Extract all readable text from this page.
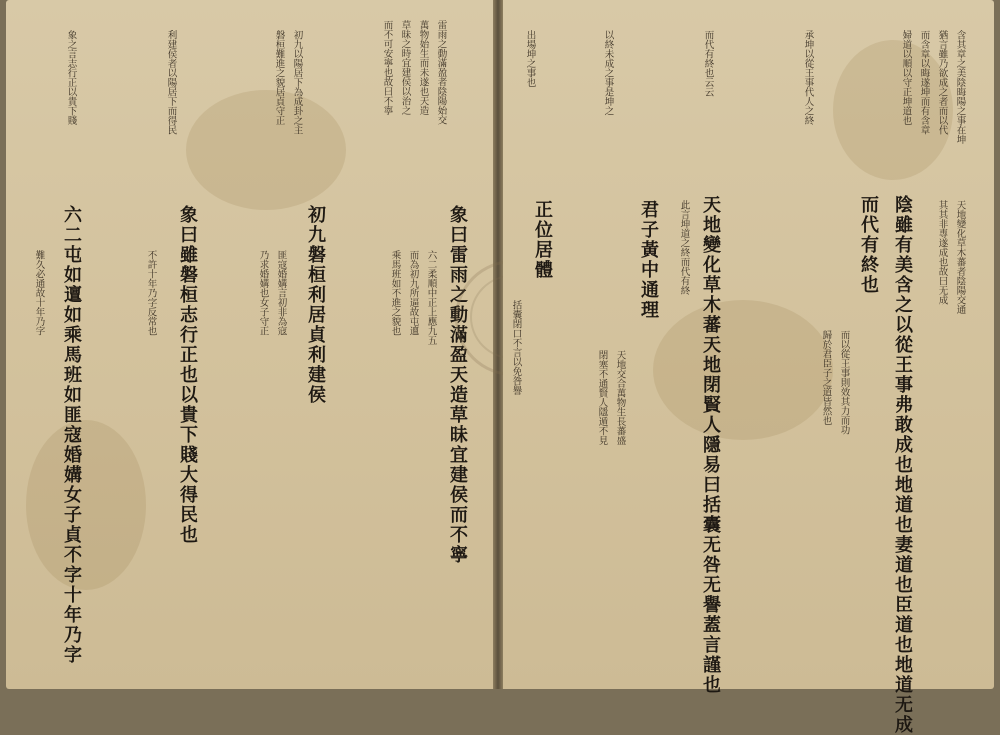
雷雨之動滿盈者陰陽始交
萬物始生而未遂也天造
草昧之時宜建侯以治之
而不可安寧也故曰不寧
初九以陽居下為成卦之主
磐桓難進之貌居貞守正
利建侯者以陽居下而得民
象之言志行正以貴下賤
象曰雷雨之動滿盈天造草昧宜建侯而不寧
初九磐桓利居貞利建侯
象曰雖磐桓志行正也以貴下賤大得民也
六二屯如邅如乘馬班如匪寇婚媾女子貞不字十年乃字	六二柔順中正上應九五
而為初九所逼故屯邅
乘馬班如不進之貌也
匪寇婚媾言初非為寇
乃求婚媾也女子守正
不許十年乃字反常也
難久必通故十年乃字
含其章之美陰晦陽之事在坤
猶言雖乃欲成之者而以代
而含章以晦遂坤而有含章
婦道以順以守正坤道也
承坤以從王事代人之終
而代有終也云云
以終未成之事是坤之
出場坤之事也
陰雖有美含之以從王事弗敢成也地道也妻道也臣道也地道无成
而代有終也
天地變化草木蕃天地閉賢人隱易曰括囊无咎无譽蓋言謹也
君子黃中通理
正位居體	天地變化草木蕃者陰陽交通
其其非專遂成也故曰无成
而以從王事則效其力而功
歸於君臣子之道皆然也
此言坤道之終而代有終
天地交合萬物生長蕃盛
閉塞不通賢人隱遁不見
括囊閉口不言以免咎譽
